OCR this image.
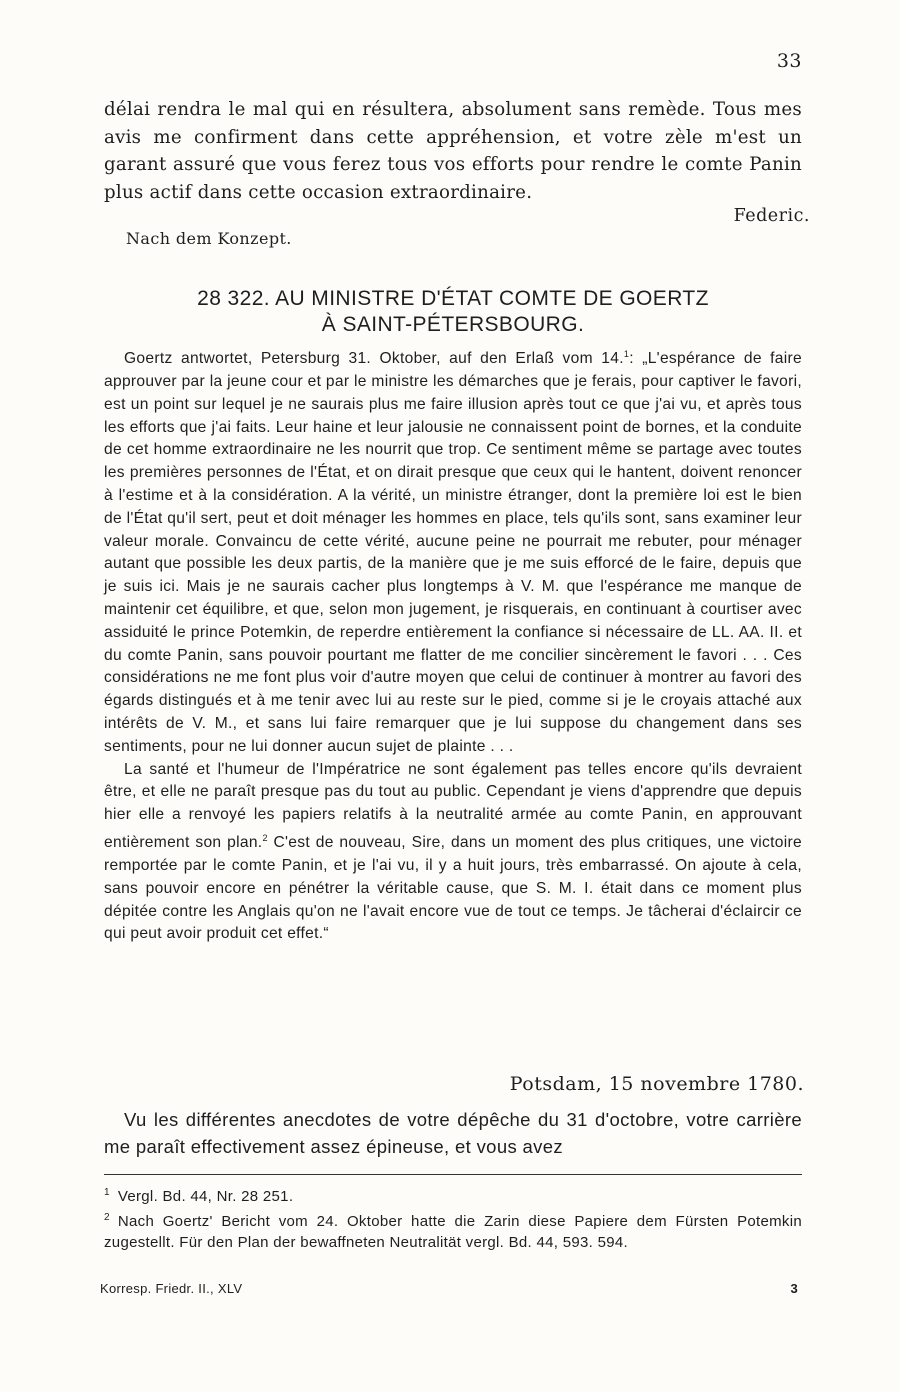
33

délai rendra le mal qui en résultera, absolument sans remède. Tous mes avis me confirment dans cette appréhension, et votre zèle m'est un garant assuré que vous ferez tous vos efforts pour rendre le comte Panin plus actif dans cette occasion extraordinaire.

Federic.
Nach dem Konzept.
28 322. AU MINISTRE D'ÉTAT COMTE DE GOERTZ
À SAINT-PÉTERSBOURG.

Goertz antwortet, Petersburg 31. Oktober, auf den Erlaß vom 14.$^1$: „L'espérance de faire approuver par la jeune cour et par le ministre les démarches que je ferais, pour captiver le favori, est un point sur lequel je ne saurais plus me faire illusion après tout ce que j'ai vu, et après tous les efforts que j'ai faits. Leur haine et leur jalousie ne connaissent point de bornes, et la conduite de cet homme extraordinaire ne les nourrit que trop. Ce sentiment même se partage avec toutes les premières personnes de l'État, et on dirait presque que ceux qui le hantent, doivent renoncer à l'estime et à la considération. A la vérité, un ministre étranger, dont la première loi est le bien de l'État qu'il sert, peut et doit ménager les hommes en place, tels qu'ils sont, sans examiner leur valeur morale. Convaincu de cette vérité, aucune peine ne pourrait me rebuter, pour ménager autant que possible les deux partis, de la manière que je me suis efforcé de le faire, depuis que je suis ici. Mais je ne saurais cacher plus longtemps à V. M. que l'espérance me manque de maintenir cet équilibre, et que, selon mon jugement, je risquerais, en continuant à courtiser avec assiduité le prince Potemkin, de reperdre entièrement la confiance si nécessaire de LL. AA. II. et du comte Panin, sans pouvoir pourtant me flatter de me concilier sincèrement le favori . . . Ces considérations ne me font plus voir d'autre moyen que celui de continuer à montrer au favori des égards distingués et à me tenir avec lui au reste sur le pied, comme si je le croyais attaché aux intérêts de V. M., et sans lui faire remarquer que je lui suppose du changement dans ses sentiments, pour ne lui donner aucun sujet de plainte . . .

La santé et l'humeur de l'Impératrice ne sont également pas telles encore qu'ils devraient être, et elle ne paraît presque pas du tout au public. Cependant je viens d'apprendre que depuis hier elle a renvoyé les papiers relatifs à la neutralité armée au comte Panin, en approuvant entièrement son plan.$^2$ C'est de nouveau, Sire, dans un moment des plus critiques, une victoire remportée par le comte Panin, et je l'ai vu, il y a huit jours, très embarrassé. On ajoute à cela, sans pouvoir encore en pénétrer la véritable cause, que S. M. I. était dans ce moment plus dépitée contre les Anglais qu'on ne l'avait encore vue de tout ce temps. Je tâcherai d'éclaircir ce qui peut avoir produit cet effet.“

Potsdam, 15 novembre 1780.

Vu les différentes anecdotes de votre dépêche du 31 d'octobre, votre carrière me paraît effectivement assez épineuse, et vous avez

$^1$ Vergl. Bd. 44, Nr. 28 251.

$^2$ Nach Goertz' Bericht vom 24. Oktober hatte die Zarin diese Papiere dem Fürsten Potemkin zugestellt. Für den Plan der bewaffneten Neutralität vergl. Bd. 44, 593. 594.

Korresp. Friedr. II., XLV	3
